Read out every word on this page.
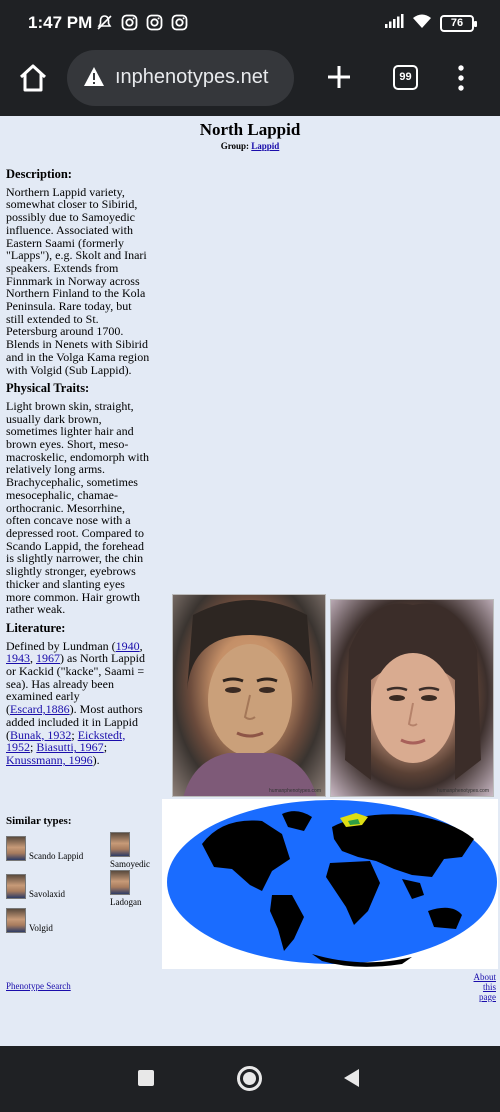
1:47 PM	76
ınphenotypes.net	99
North Lappid
Group: Lappid
Description:

Northern Lappid variety, somewhat closer to Sibirid, possibly due to Samoyedic influence. Associated with Eastern Saami (formerly "Lapps"), e.g. Skolt and Inari speakers. Extends from Finnmark in Norway across Northern Finland to the Kola Peninsula. Rare today, but still extended to St. Petersburg around 1700. Blends in Nenets with Sibirid and in the Volga Kama region with Volgid (Sub Lappid).

Physical Traits:

Light brown skin, straight, usually dark brown, sometimes lighter hair and brown eyes. Short, meso-macroskelic, endomorph with relatively long arms. Brachycephalic, sometimes mesocephalic, chamae-orthocranic. Mesorrhine, often concave nose with a depressed root. Compared to Scando Lappid, the forehead is slightly narrower, the chin slightly stronger, eyebrows thicker and slanting eyes more common. Hair growth rather weak.

Literature:

Defined by Lundman (1940, 1943, 1967) as North Lappid or Kackid ("kacke", Saami = sea). Has already been examined early (Escard,1886). Most authors added included it in Lappid (Bunak, 1932; Eickstedt, 1952; Biasutti, 1967; Knussmann, 1996).

humanphenotypes.com	humanphenotypes.com
Similar types:
Scando Lappid
Samoyedic
Savolaxid
Ladogan
Volgid
Phenotype Search
About this page
